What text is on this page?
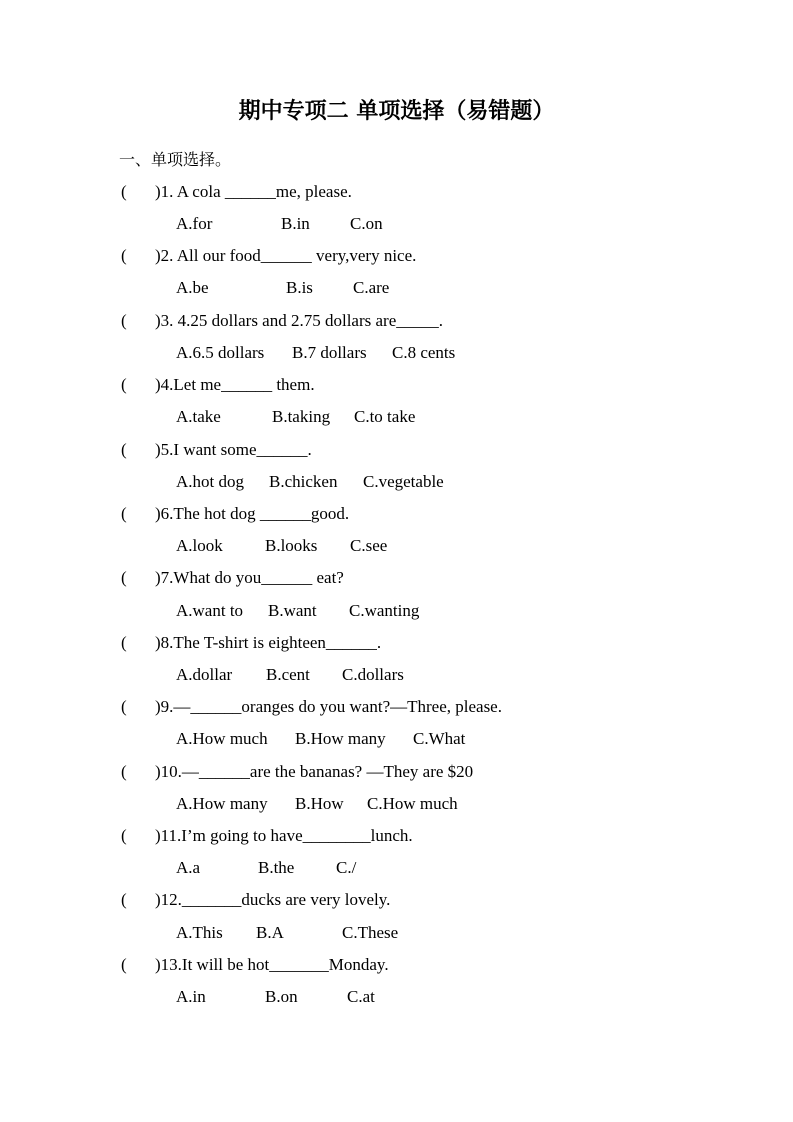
期中专项二 单项选择（易错题）
一、单项选择。
( )1. A cola ______me, please.
A.for	B.in C.on
( )2. All our food______ very,very nice.
A.be	B.is C.are
( )3. 4.25 dollars and 2.75 dollars are_____.
A.6.5 dollars B.7 dollars C.8 cents
( )4.Let me______ them.
A.take	B.taking C.to take
( )5.I want some______.
A.hot dog B.chicken C.vegetable
( )6.The hot dog ______good.
A.look B.looks C.see
( )7.What do you______ eat?
A.want to B.want C.wanting
( )8.The T-shirt is eighteen______.
A.dollar B.cent C.dollars
( )9.—______oranges do you want?—Three, please.
A.How much B.How many C.What
( )10.—______are the bananas? —They are $20
A.How many B.How C.How much
( )11.I’m going to have________lunch.
A.a	B.the C./
( )12._______ducks are very lovely.
A.This B.A	C.These
( )13.It will be hot_______Monday.
A.in	B.on	C.at
